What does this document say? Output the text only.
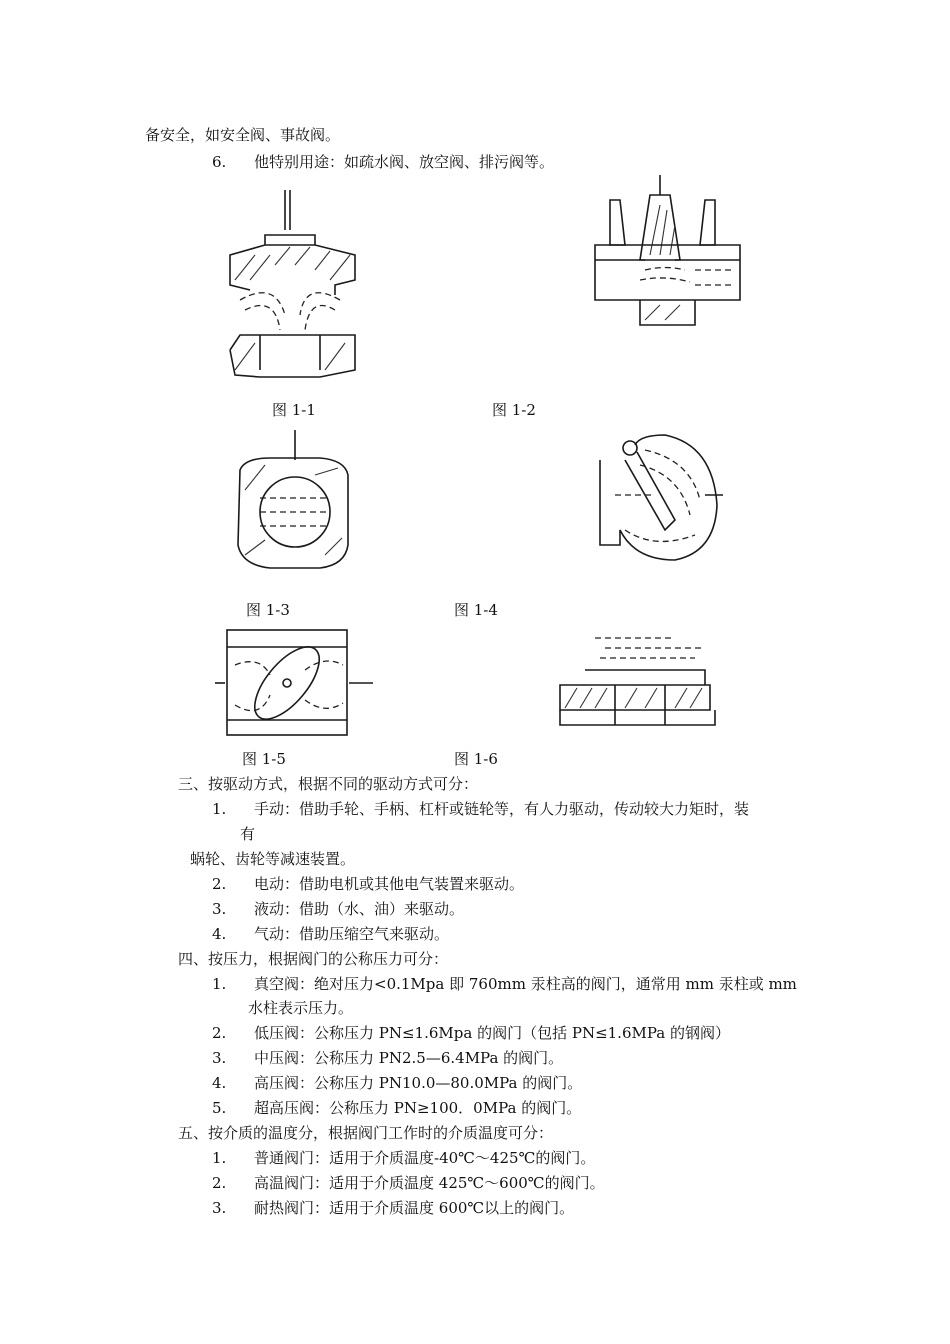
备安全，如安全阀、事故阀。
6. 他特别用途：如疏水阀、放空阀、排污阀等。
图 1-1	图 1-2
图 1-3	图 1-4
图 1-5	图 1-6
三、按驱动方式，根据不同的驱动方式可分：
1. 手动：借助手轮、手柄、杠杆或链轮等，有人力驱动，传动较大力矩时，装
有
蜗轮、齿轮等减速装置。
2. 电动：借助电机或其他电气装置来驱动。
3. 液动：借助（水、油）来驱动。
4. 气动：借助压缩空气来驱动。
四、按压力，根据阀门的公称压力可分：
1. 真空阀：绝对压力<0.1Mpa 即 760mm 汞柱高的阀门，通常用 mm 汞柱或 mm
水柱表示压力。
2. 低压阀：公称压力 PN≤1.6Mpa 的阀门（包括 PN≤1.6MPa 的钢阀）
3. 中压阀：公称压力 PN2.5—6.4MPa 的阀门。
4. 高压阀：公称压力 PN10.0—80.0MPa 的阀门。
5. 超高压阀：公称压力 PN≥100．0MPa 的阀门。
五、按介质的温度分，根据阀门工作时的介质温度可分：
1. 普通阀门：适用于介质温度-40℃～425℃的阀门。
2. 高温阀门：适用于介质温度 425℃～600℃的阀门。
3. 耐热阀门：适用于介质温度 600℃以上的阀门。
